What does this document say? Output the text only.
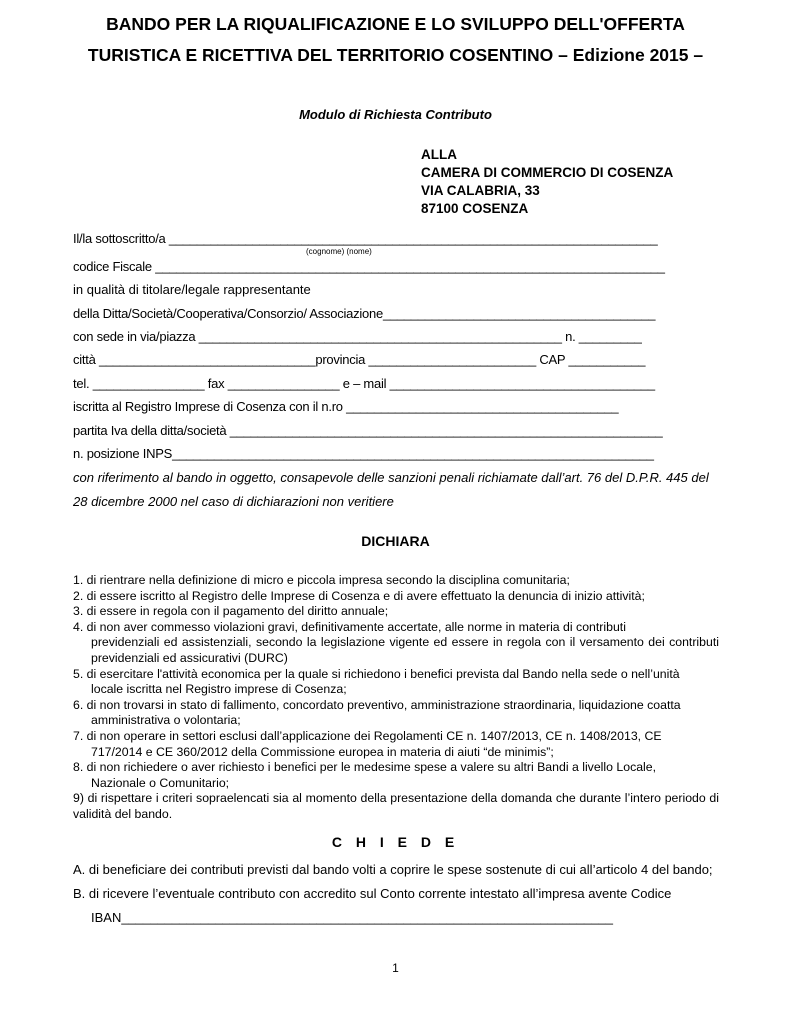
BANDO PER LA RIQUALIFICAZIONE E LO SVILUPPO DELL'OFFERTA
TURISTICA E RICETTIVA DEL TERRITORIO COSENTINO – Edizione 2015 –
Modulo di Richiesta Contributo
ALLA
CAMERA DI COMMERCIO DI COSENZA
VIA CALABRIA, 33
87100 COSENZA
Il/la sottoscritto/a ______________________________________________________________________
(cognome) (nome)
codice Fiscale _________________________________________________________________________
in qualità di titolare/legale rappresentante
della Ditta/Società/Cooperativa/Consorzio/ Associazione_______________________________________
con sede in via/piazza ____________________________________________________ n. _________
città _______________________________provincia ________________________ CAP ___________
tel. ________________ fax ________________ e – mail ______________________________________
iscritta al Registro Imprese di Cosenza con il n.ro _______________________________________
partita Iva della ditta/società ______________________________________________________________
n. posizione INPS_____________________________________________________________________
con riferimento al bando in oggetto, consapevole delle sanzioni penali richiamate dall’art. 76 del D.P.R. 445 del 28 dicembre 2000 nel caso di dichiarazioni non veritiere
DICHIARA
1. di rientrare nella definizione di micro e piccola impresa secondo la disciplina comunitaria;
2. di essere iscritto al Registro delle Imprese di Cosenza e di avere effettuato la denuncia di inizio attività;
3. di essere in regola con il pagamento del diritto annuale;
4. di non aver commesso violazioni gravi, definitivamente accertate, alle norme in materia di contributi
previdenziali ed assistenziali, secondo la legislazione vigente ed essere in regola con il versamento dei contributi previdenziali ed assicurativi (DURC)
5. di esercitare l'attività economica per la quale si richiedono i benefici prevista dal Bando nella sede o nell’unità
locale iscritta nel Registro imprese di Cosenza;
6. di non trovarsi in stato di fallimento, concordato preventivo, amministrazione straordinaria, liquidazione coatta
amministrativa o volontaria;
7. di non operare in settori esclusi dall’applicazione dei Regolamenti CE n. 1407/2013, CE n. 1408/2013, CE
717/2014 e CE 360/2012 della Commissione europea in materia di aiuti “de minimis”;
8. di non richiedere o aver richiesto i benefici per le medesime spese a valere su altri Bandi a livello Locale,
Nazionale o Comunitario;
9) di rispettare i criteri sopraelencati sia al momento della presentazione della domanda che durante l’intero periodo di validità del bando.
C H I E D E
A. di beneficiare dei contributi previsti dal bando volti a coprire le spese sostenute di cui all’articolo 4 del bando;
B. di ricevere l’eventuale contributo con accredito sul Conto corrente intestato all’impresa avente Codice
IBAN____________________________________________________________________
1
